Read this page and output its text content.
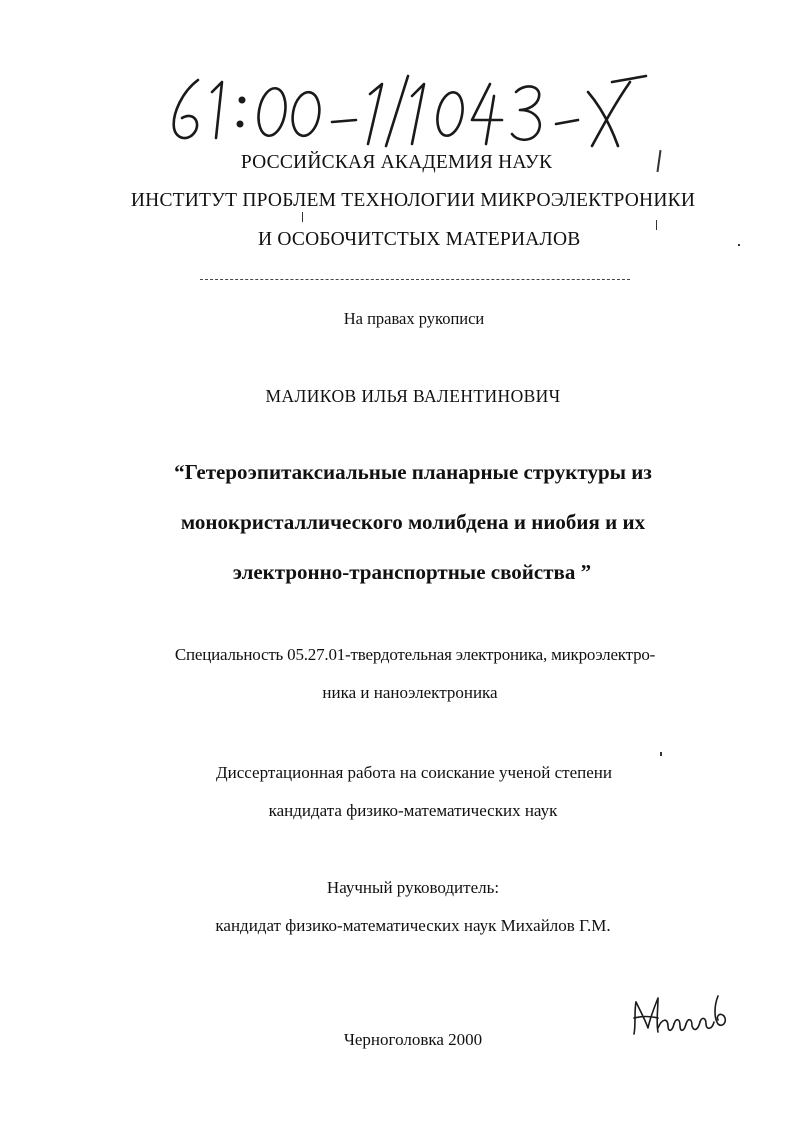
РОССИЙСКАЯ АКАДЕМИЯ НАУК
ИНСТИТУТ ПРОБЛЕМ ТЕХНОЛОГИИ МИКРОЭЛЕКТРОНИКИ
И ОСОБОЧИТСТЫХ МАТЕРИАЛОВ
На правах рукописи
МАЛИКОВ ИЛЬЯ ВАЛЕНТИНОВИЧ
“Гетероэпитаксиальные планарные структуры из
монокристаллического молибдена и ниобия и их
электронно-транспортные свойства ”
Специальность 05.27.01-твердотельная электроника, микроэлектро-
ника и наноэлектроника
Диссертационная работа на соискание ученой степени
кандидата физико-математических наук
Научный руководитель:
кандидат физико-математических наук Михайлов Г.М.
Черноголовка 2000
